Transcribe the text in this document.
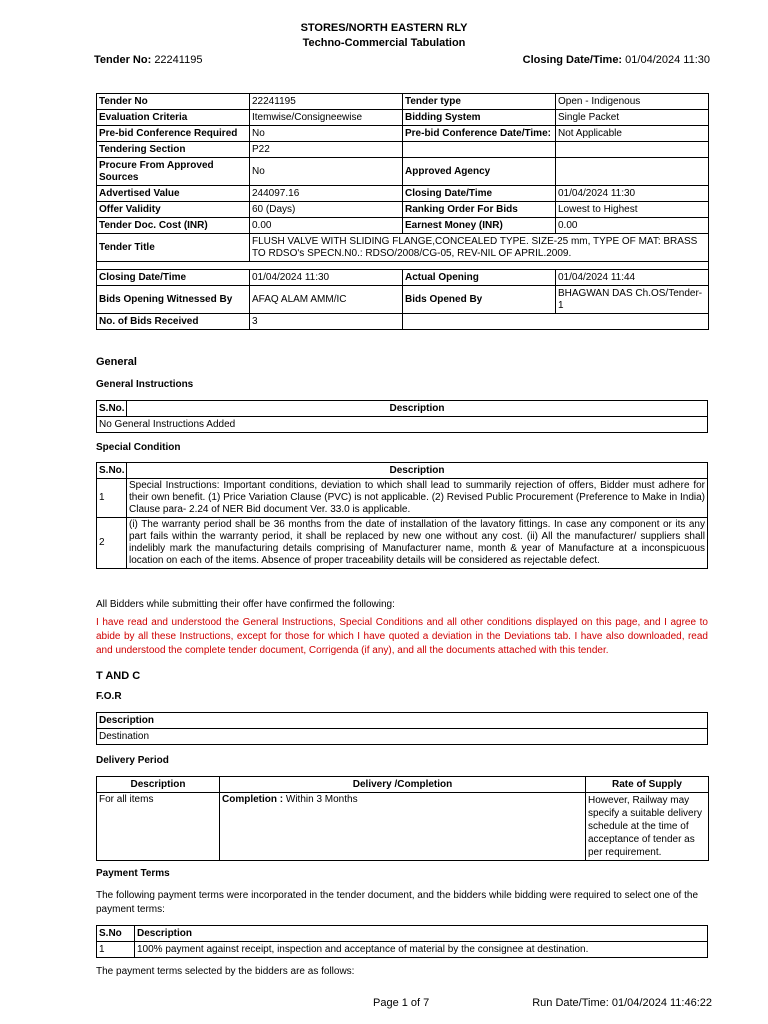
STORES/NORTH EASTERN RLY
Techno-Commercial Tabulation
Tender No: 22241195	Closing Date/Time: 01/04/2024 11:30
Tender No	22241195	Tender type	Open - Indigenous
Evaluation Criteria	Itemwise/Consigneewise	Bidding System	Single Packet
Pre-bid Conference Required	No	Pre-bid Conference Date/Time:	Not Applicable
Tendering Section	P22		
Procure From Approved Sources	No	Approved Agency	
Advertised Value	244097.16	Closing Date/Time	01/04/2024 11:30
Offer Validity	60 (Days)	Ranking Order For Bids	Lowest to Highest
Tender Doc. Cost (INR)	0.00	Earnest Money (INR)	0.00
Tender Title	FLUSH VALVE WITH SLIDING FLANGE,CONCEALED TYPE. SIZE-25 mm, TYPE OF MAT: BRASS TO RDSO's SPECN.N0.: RDSO/2008/CG-05, REV-NIL OF APRIL.2009.		

Closing Date/Time	01/04/2024 11:30	Actual Opening	01/04/2024 11:44
Bids Opening Witnessed By	AFAQ ALAM AMM/IC	Bids Opened By	BHAGWAN DAS Ch.OS/Tender-1
No. of Bids Received	3		
General
General Instructions
S.No.	Description
No General Instructions Added
Special Condition
S.No.	Description
1	Special Instructions: Important conditions, deviation to which shall lead to summarily rejection of offers, Bidder must adhere for their own benefit. (1) Price Variation Clause (PVC) is not applicable. (2) Revised Public Procurement (Preference to Make in India) Clause para- 2.24 of NER Bid document Ver. 33.0 is applicable.
2	(i) The warranty period shall be 36 months from the date of installation of the lavatory fittings. In case any component or its any part fails within the warranty period, it shall be replaced by new one without any cost. (ii) All the manufacturer/ suppliers shall indelibly mark the manufacturing details comprising of Manufacturer name, month & year of Manufacture at a inconspicuous location on each of the items. Absence of proper traceability details will be considered as rejectable defect.
All Bidders while submitting their offer have confirmed the following:
I have read and understood the General Instructions, Special Conditions and all other conditions displayed on this page, and I agree to abide by all these Instructions, except for those for which I have quoted a deviation in the Deviations tab. I have also downloaded, read and understood the complete tender document, Corrigenda (if any), and all the documents attached with this tender.
T AND C
F.O.R
Description
Destination
Delivery Period
Description	Delivery /Completion	Rate of Supply
For all items	Completion : Within 3 Months	However, Railway may specify a suitable delivery schedule at the time of acceptance of tender as per requirement.
Payment Terms
The following payment terms were incorporated in the tender document, and the bidders while bidding were required to select one of the payment terms:
S.No	Description
1	100% payment against receipt, inspection and acceptance of material by the consignee at destination.
The payment terms selected by the bidders are as follows:
Page 1 of 7	Run Date/Time: 01/04/2024 11:46:22
